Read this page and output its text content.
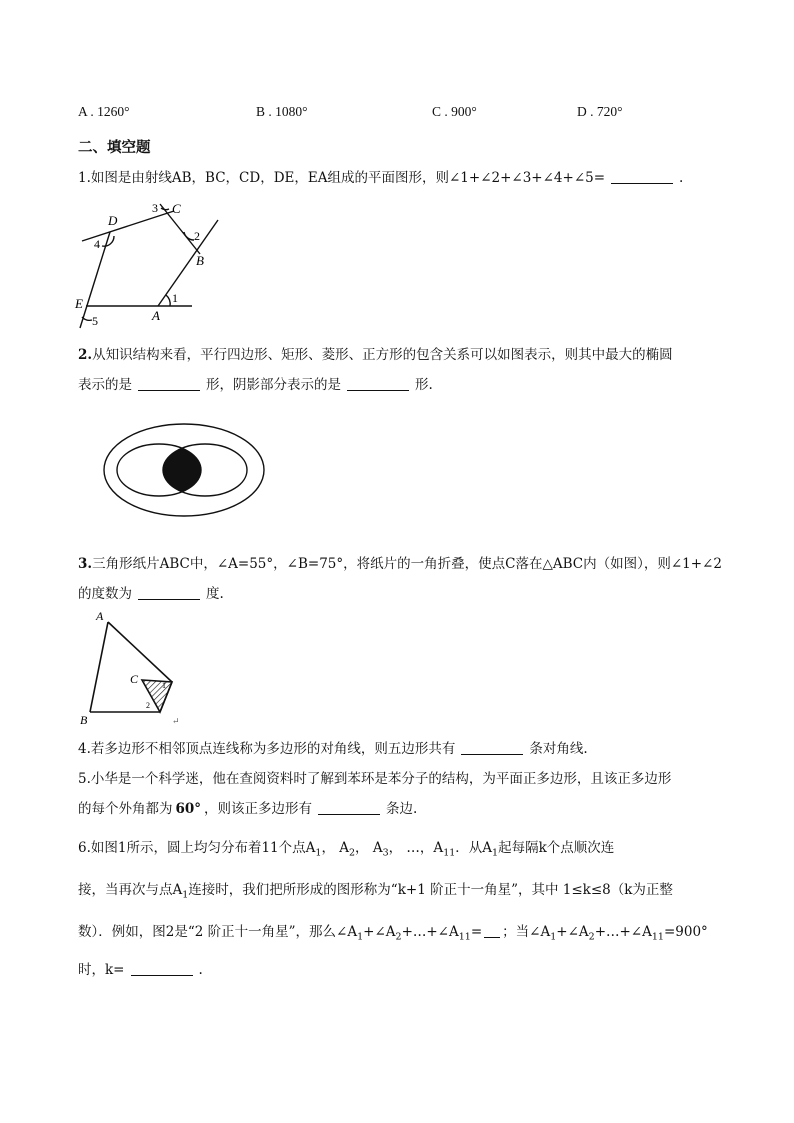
A . 1260°	B . 1080°	C . 900°	D . 720°
二、填空题
1.如图是由射线AB，BC，CD，DE，EA组成的平面图形，则∠1+∠2+∠3+∠4+∠5=	.
D
3 C
2
B
4
E
5	A
1
2.从知识结构来看，平行四边形、矩形、菱形、正方形的包含关系可以如图表示，则其中最大的椭圆
表示的是	形，阴影部分表示的是	形.
3.三角形纸片ABC中，∠A=55°，∠B=75°，将纸片的一角折叠，使点C落在△ABC内（如图），则∠1+∠2
的度数为	度.
A
B
C	1
2
↵
4.若多边形不相邻顶点连线称为多边形的对角线，则五边形共有	条对角线.
5.小华是一个科学迷，他在查阅资料时了解到苯环是苯分子的结构，为平面正多边形，且该正多边形
的每个外角都为 60° ，则该正多边形有	条边.
6.如图1所示，圆上均匀分布着11个点$A_1$， $A_2$， $A_3$， …，$A_{11}$．从$A_1$起每隔k个点顺次连
接，当再次与点$A_1$连接时，我们把所形成的图形称为“k+1 阶正十一角星”，其中 1≤k≤8（k为正整
数）．例如，图2是“2 阶正十一角星”，那么$\angle A_1+\angle A_2+\dots+\angle A_{11}=$ ；当$\angle A_1+\angle A_2+\dots+\angle A_{11}=900^\circ$
时，k=	.
